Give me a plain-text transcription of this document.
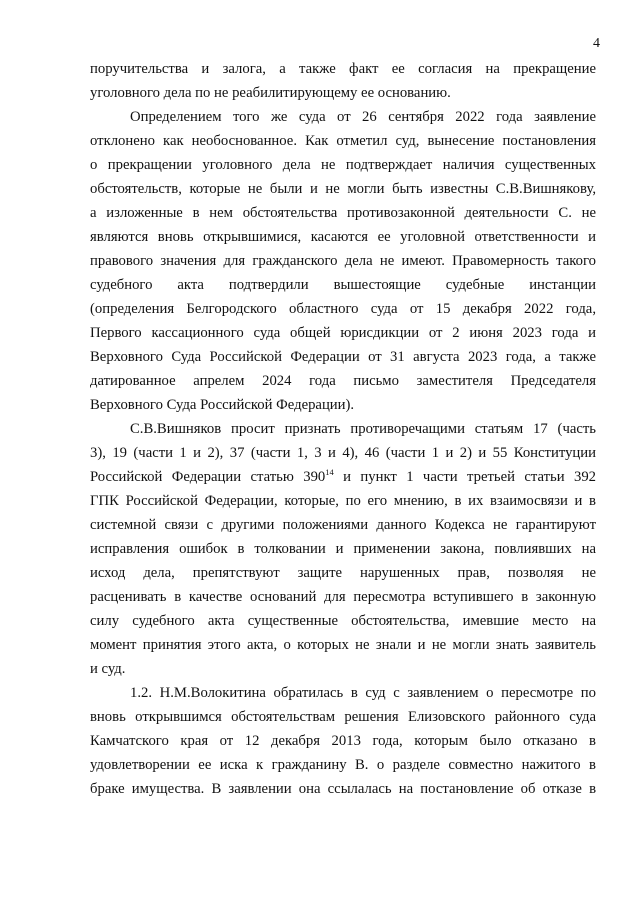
4
поручительства и залога, а также факт ее согласия на прекращение
уголовного дела по не реабилитирующему ее основанию.
Определением того же суда от 26 сентября 2022 года заявление
отклонено как необоснованное. Как отметил суд, вынесение постановления
о прекращении уголовного дела не подтверждает наличия существенных
обстоятельств, которые не были и не могли быть известны С.В.Вишнякову,
а изложенные в нем обстоятельства противозаконной деятельности С. не
являются вновь открывшимися, касаются ее уголовной ответственности и
правового значения для гражданского дела не имеют. Правомерность такого
судебного акта подтвердили вышестоящие судебные инстанции
(определения Белгородского областного суда от 15 декабря 2022 года,
Первого кассационного суда общей юрисдикции от 2 июня 2023 года и
Верховного Суда Российской Федерации от 31 августа 2023 года, а также
датированное апрелем 2024 года письмо заместителя Председателя
Верховного Суда Российской Федерации).
С.В.Вишняков просит признать противоречащими статьям 17 (часть
3), 19 (части 1 и 2), 37 (части 1, 3 и 4), 46 (части 1 и 2) и 55 Конституции
Российской Федерации статью $390^{14}$ и пункт 1 части третьей статьи 392
ГПК Российской Федерации, которые, по его мнению, в их взаимосвязи и в
системной связи с другими положениями данного Кодекса не гарантируют
исправления ошибок в толковании и применении закона, повлиявших на
исход дела, препятствуют защите нарушенных прав, позволяя не
расценивать в качестве оснований для пересмотра вступившего в законную
силу судебного акта существенные обстоятельства, имевшие место на
момент принятия этого акта, о которых не знали и не могли знать заявитель
и суд.
1.2. Н.М.Волокитина обратилась в суд с заявлением о пересмотре по
вновь открывшимся обстоятельствам решения Елизовского районного суда
Камчатского края от 12 декабря 2013 года, которым было отказано в
удовлетворении ее иска к гражданину В. о разделе совместно нажитого в
браке имущества. В заявлении она ссылалась на постановление об отказе в
